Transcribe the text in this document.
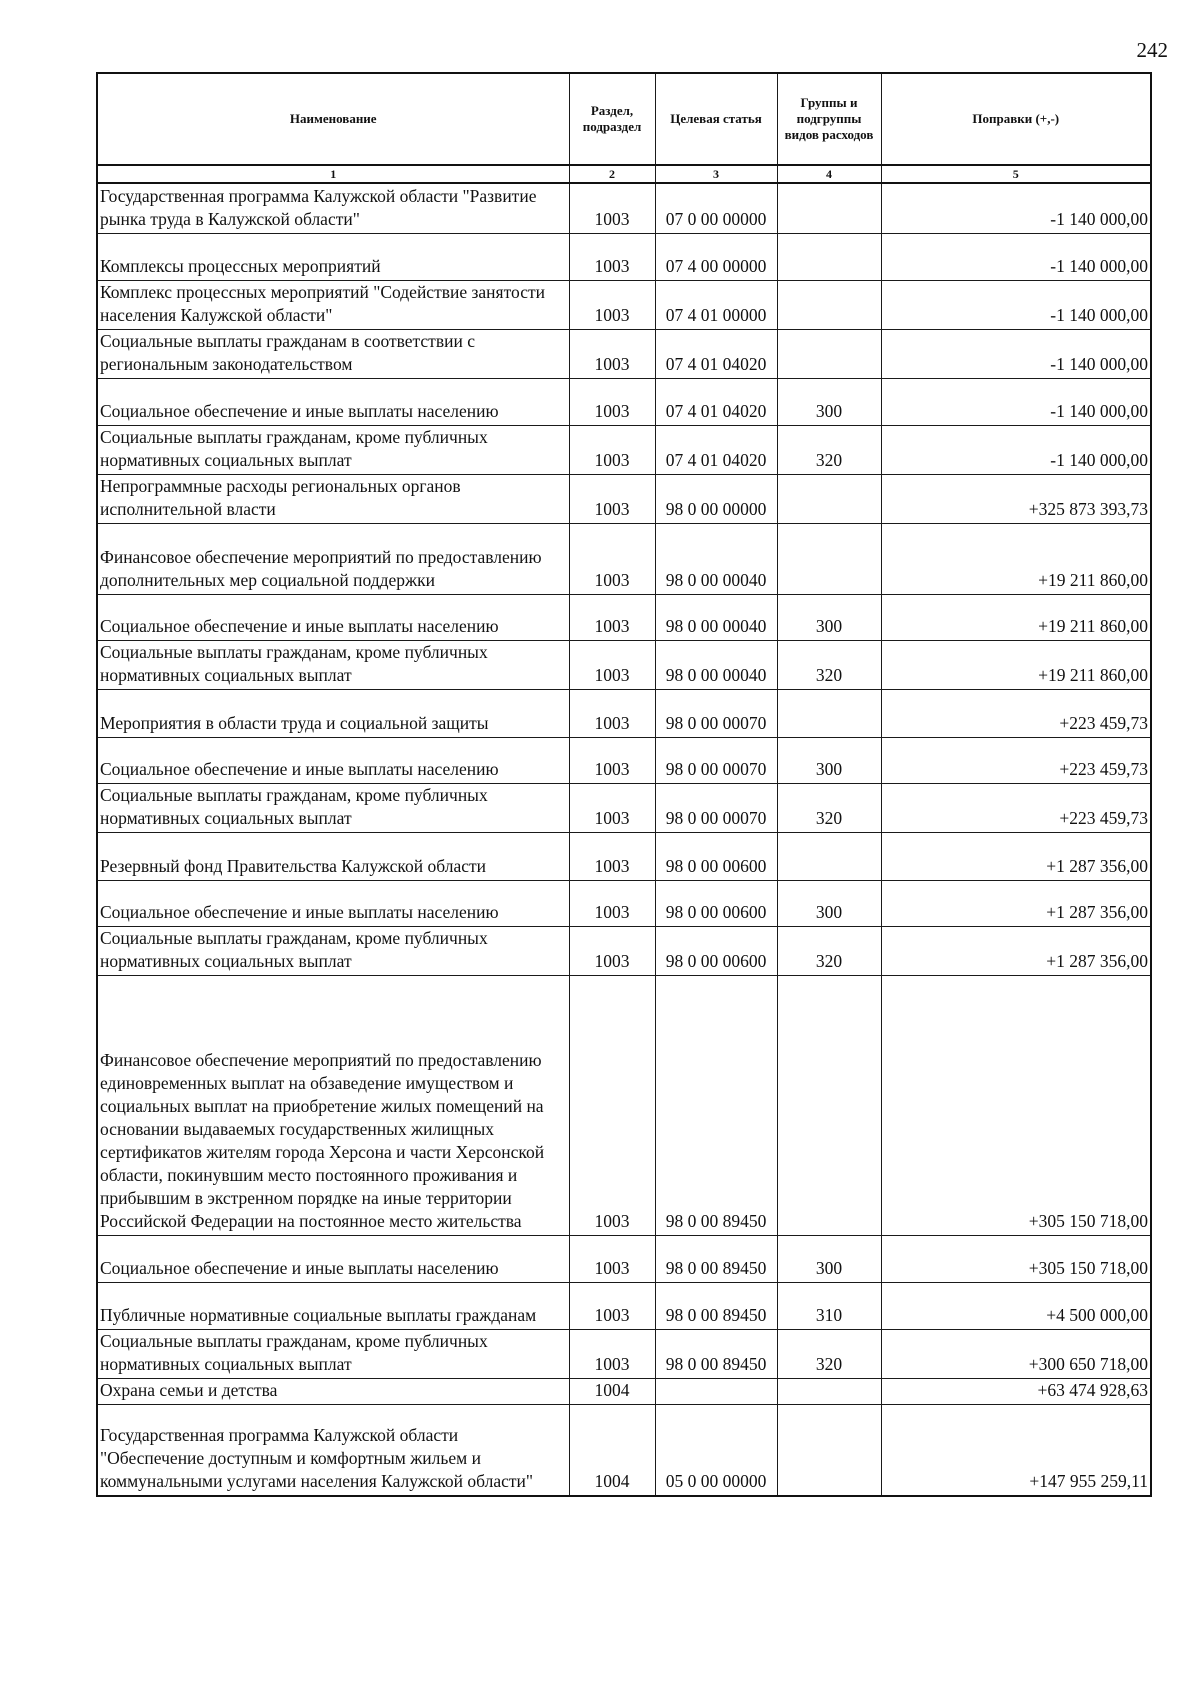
242
Наименование	Раздел, подраздел	Целевая статья	Группы и подгруппы видов расходов	Поправки (+,-)
1	2	3	4	5
Государственная программа Калужской области "Развитие рынка труда в Калужской области"	1003	07 0 00 00000		-1 140 000,00
Комплексы процессных мероприятий	1003	07 4 00 00000		-1 140 000,00
Комплекс процессных мероприятий "Содействие занятости населения Калужской области"	1003	07 4 01 00000		-1 140 000,00
Социальные выплаты гражданам в соответствии с региональным законодательством	1003	07 4 01 04020		-1 140 000,00
Социальное обеспечение и иные выплаты населению	1003	07 4 01 04020	300	-1 140 000,00
Социальные выплаты гражданам, кроме публичных нормативных социальных выплат	1003	07 4 01 04020	320	-1 140 000,00
Непрограммные расходы региональных органов исполнительной власти	1003	98 0 00 00000		+325 873 393,73
Финансовое обеспечение мероприятий по предоставлению дополнительных мер социальной поддержки	1003	98 0 00 00040		+19 211 860,00
Социальное обеспечение и иные выплаты населению	1003	98 0 00 00040	300	+19 211 860,00
Социальные выплаты гражданам, кроме публичных нормативных социальных выплат	1003	98 0 00 00040	320	+19 211 860,00
Мероприятия в области труда и социальной защиты	1003	98 0 00 00070		+223 459,73
Социальное обеспечение и иные выплаты населению	1003	98 0 00 00070	300	+223 459,73
Социальные выплаты гражданам, кроме публичных нормативных социальных выплат	1003	98 0 00 00070	320	+223 459,73
Резервный фонд Правительства Калужской области	1003	98 0 00 00600		+1 287 356,00
Социальное обеспечение и иные выплаты населению	1003	98 0 00 00600	300	+1 287 356,00
Социальные выплаты гражданам, кроме публичных нормативных социальных выплат	1003	98 0 00 00600	320	+1 287 356,00
Финансовое обеспечение мероприятий по предоставлению единовременных выплат на обзаведение имуществом и социальных выплат на приобретение жилых помещений на основании выдаваемых государственных жилищных сертификатов жителям города Херсона и части Херсонской области, покинувшим место постоянного проживания и прибывшим в экстренном порядке на иные территории Российской Федерации на постоянное место жительства	1003	98 0 00 89450		+305 150 718,00
Социальное обеспечение и иные выплаты населению	1003	98 0 00 89450	300	+305 150 718,00
Публичные нормативные социальные выплаты гражданам	1003	98 0 00 89450	310	+4 500 000,00
Социальные выплаты гражданам, кроме публичных нормативных социальных выплат	1003	98 0 00 89450	320	+300 650 718,00
Охрана семьи и детства	1004			+63 474 928,63
Государственная программа Калужской области "Обеспечение доступным и комфортным жильем и коммунальными услугами населения Калужской области"	1004	05 0 00 00000		+147 955 259,11
